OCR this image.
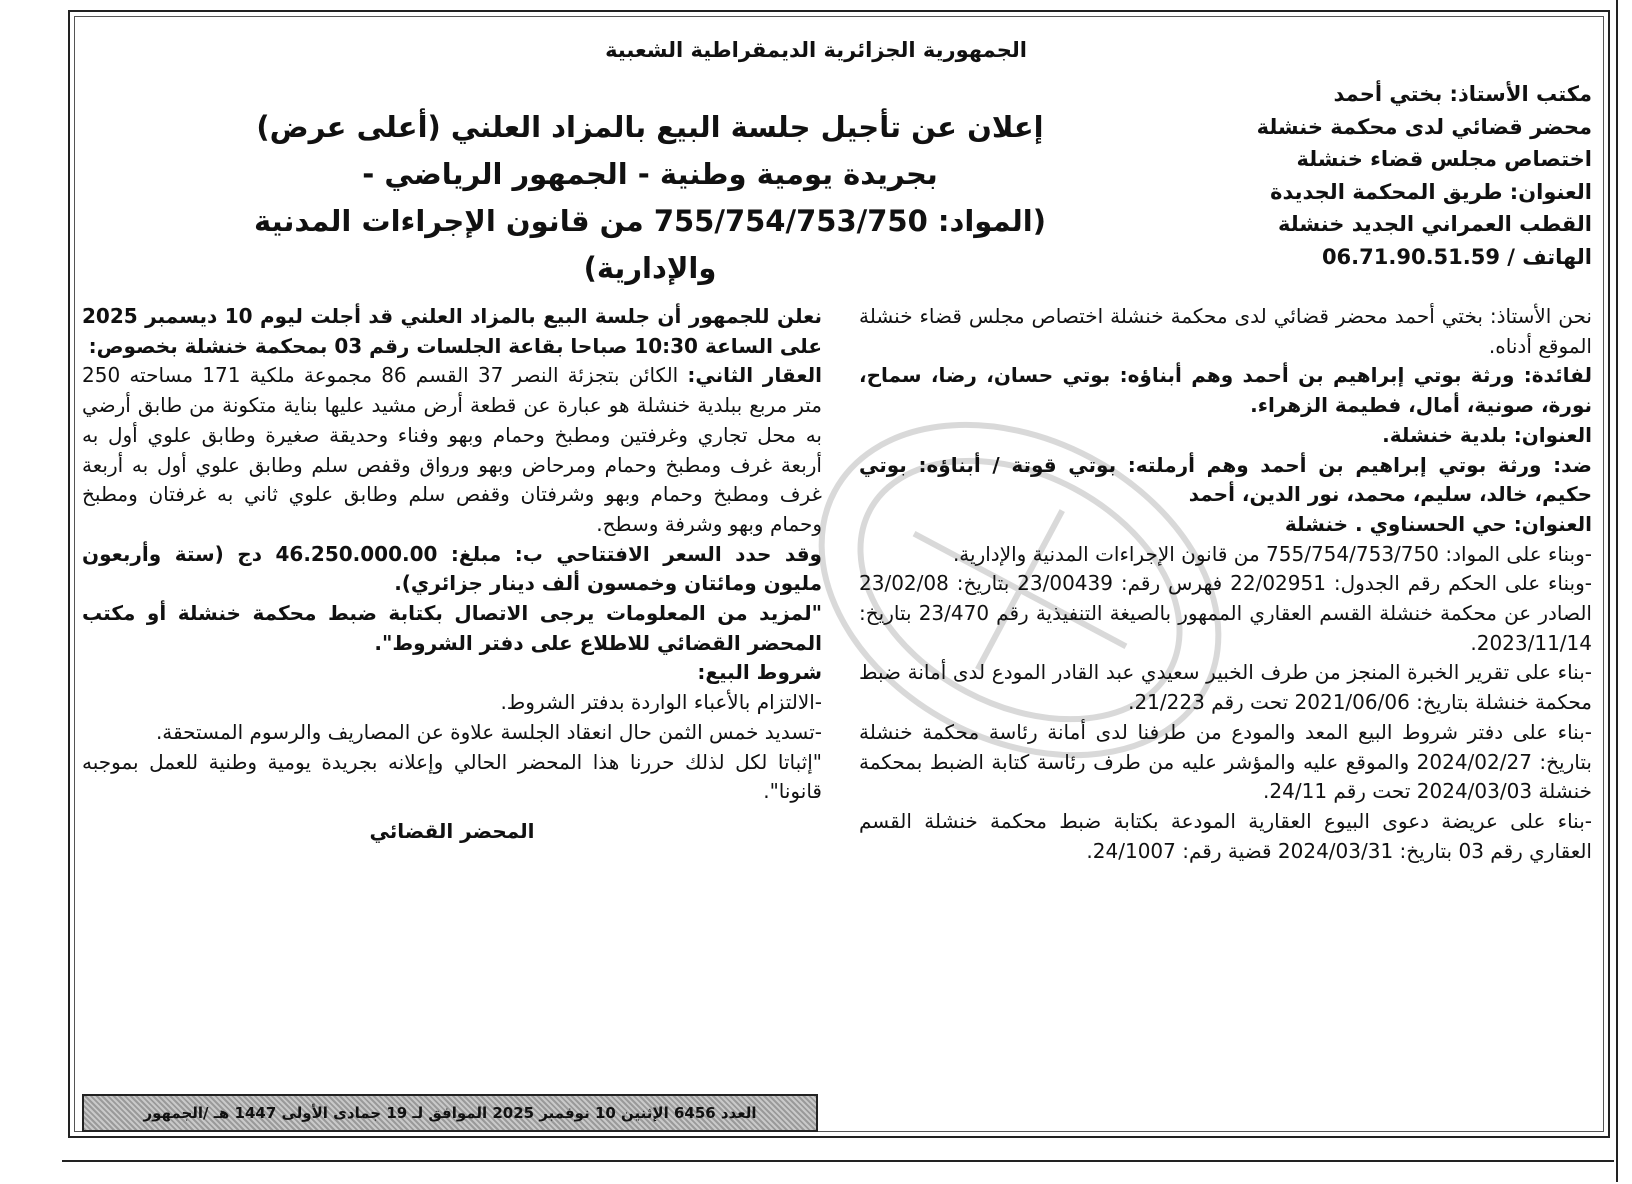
الجمهورية الجزائرية الديمقراطية الشعبية
مكتب الأستاذ: بختي أحمد
محضر قضائي لدى محكمة خنشلة
اختصاص مجلس قضاء خنشلة
العنوان: طريق المحكمة الجديدة
القطب العمراني الجديد خنشلة
الهاتف / 06.71.90.51.59
إعلان عن تأجيل جلسة البيع بالمزاد العلني (أعلى عرض)
بجريدة يومية وطنية - الجمهور الرياضي -
(المواد: 755/754/753/750 من قانون الإجراءات المدنية والإدارية)

نحن الأستاذ: بختي أحمد محضر قضائي لدى محكمة خنشلة اختصاص مجلس قضاء خنشلة الموقع أدناه.

لفائدة: ورثة بوتي إبراهيم بن أحمد وهم أبناؤه: بوتي حسان، رضا، سماح، نورة، صونية، أمال، فطيمة الزهراء.

العنوان: بلدية خنشلة.

ضد: ورثة بوتي إبراهيم بن أحمد وهم أرملته: بوتي قوتة / أبناؤه: بوتي حكيم، خالد، سليم، محمد، نور الدين، أحمد

العنوان: حي الحسناوي . خنشلة

-وبناء على المواد: 755/754/753/750 من قانون الإجراءات المدنية والإدارية.

-وبناء على الحكم رقم الجدول: 22/02951 فهرس رقم: 23/00439 بتاريخ: 23/02/08 الصادر عن محكمة خنشلة القسم العقاري الممهور بالصيغة التنفيذية رقم 23/470 بتاريخ: 2023/11/14.

-بناء على تقرير الخبرة المنجز من طرف الخبير سعيدي عبد القادر المودع لدى أمانة ضبط محكمة خنشلة بتاريخ: 2021/06/06 تحت رقم 21/223.

-بناء على دفتر شروط البيع المعد والمودع من طرفنا لدى أمانة رئاسة محكمة خنشلة بتاريخ: 2024/02/27 والموقع عليه والمؤشر عليه من طرف رئاسة كتابة الضبط بمحكمة خنشلة 2024/03/03 تحت رقم 24/11.

-بناء على عريضة دعوى البيوع العقارية المودعة بكتابة ضبط محكمة خنشلة القسم العقاري رقم 03 بتاريخ: 2024/03/31 قضية رقم: 24/1007.

نعلن للجمهور أن جلسة البيع بالمزاد العلني قد أجلت ليوم 10 ديسمبر 2025 على الساعة 10:30 صباحا بقاعة الجلسات رقم 03 بمحكمة خنشلة بخصوص:

العقار الثاني: الكائن بتجزئة النصر 37 القسم 86 مجموعة ملكية 171 مساحته 250 متر مربع ببلدية خنشلة هو عبارة عن قطعة أرض مشيد عليها بناية متكونة من طابق أرضي به محل تجاري وغرفتين ومطبخ وحمام وبهو وفناء وحديقة صغيرة وطابق علوي أول به أربعة غرف ومطبخ وحمام ومرحاض وبهو ورواق وقفص سلم وطابق علوي أول به أربعة غرف ومطبخ وحمام وبهو وشرفتان وقفص سلم وطابق علوي ثاني به غرفتان ومطبخ وحمام وبهو وشرفة وسطح.

وقد حدد السعر الافتتاحي ب: مبلغ: 46.250.000.00 دج (ستة وأربعون مليون ومائتان وخمسون ألف دينار جزائري).

"لمزيد من المعلومات يرجى الاتصال بكتابة ضبط محكمة خنشلة أو مكتب المحضر القضائي للاطلاع على دفتر الشروط".

شروط البيع:

-الالتزام بالأعباء الواردة بدفتر الشروط.

-تسديد خمس الثمن حال انعقاد الجلسة علاوة عن المصاريف والرسوم المستحقة.

"إثباتا لكل لذلك حررنا هذا المحضر الحالي وإعلانه بجريدة يومية وطنية للعمل بموجبه قانونا".

المحضر القضائي

العدد 6456 الإثنين 10 نوفمبر 2025 الموافق لـ 19 جمادى الأولى 1447 هـ /الجمهور
